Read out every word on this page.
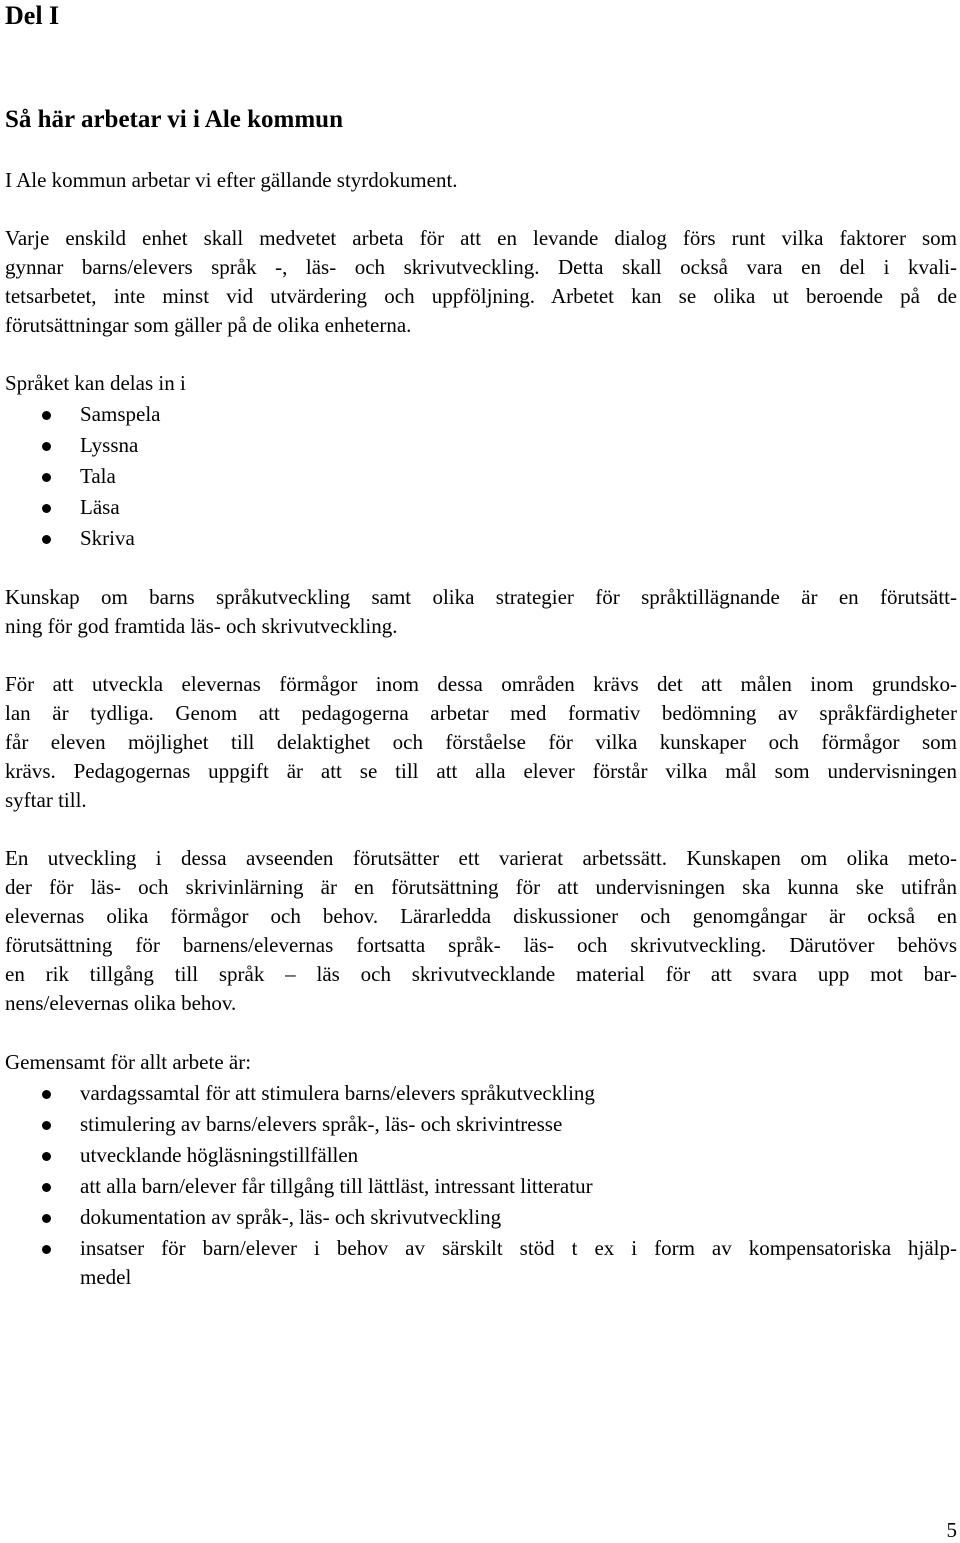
Del I
Så här arbetar vi i Ale kommun

I Ale kommun arbetar vi efter gällande styrdokument.

Varje enskild enhet skall medvetet arbeta för att en levande dialog förs runt vilka faktorer som
gynnar barns/elevers språk -, läs- och skrivutveckling. Detta skall också vara en del i kvali-
tetsarbetet, inte minst vid utvärdering och uppföljning. Arbetet kan se olika ut beroende på de
förutsättningar som gäller på de olika enheterna.

Språket kan delas in i
Samspela
Lyssna
Tala
Läsa
Skriva

Kunskap om barns språkutveckling samt olika strategier för språktillägnande är en förutsätt-
ning för god framtida läs- och skrivutveckling.

För att utveckla elevernas förmågor inom dessa områden krävs det att målen inom grundsko-
lan är tydliga. Genom att pedagogerna arbetar med formativ bedömning av språkfärdigheter
får eleven möjlighet till delaktighet och förståelse för vilka kunskaper och förmågor som
krävs. Pedagogernas uppgift är att se till att alla elever förstår vilka mål som undervisningen
syftar till.

En utveckling i dessa avseenden förutsätter ett varierat arbetssätt. Kunskapen om olika meto-
der för läs- och skrivinlärning är en förutsättning för att undervisningen ska kunna ske utifrån
elevernas olika förmågor och behov. Lärarledda diskussioner och genomgångar är också en
förutsättning för barnens/elevernas fortsatta språk- läs- och skrivutveckling. Därutöver behövs
en rik tillgång till språk – läs och skrivutvecklande material för att svara upp mot bar-
nens/elevernas olika behov.

Gemensamt för allt arbete är:
vardagssamtal för att stimulera barns/elevers språkutveckling
stimulering av barns/elevers språk-, läs- och skrivintresse
utvecklande högläsningstillfällen
att alla barn/elever får tillgång till lättläst, intressant litteratur
dokumentation av språk-, läs- och skrivutveckling
insatser för barn/elever i behov av särskilt stöd t ex i form av kompensatoriska hjälp-
medel
5
